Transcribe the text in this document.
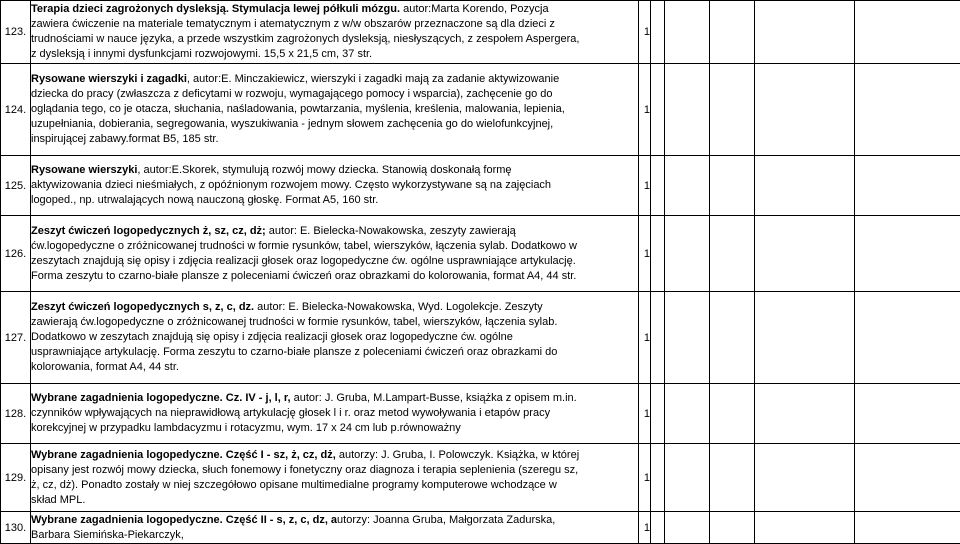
123.	Terapia dzieci zagrożonych dysleksją. Stymulacja lewej półkuli mózgu. autor:Marta Korendo, Pozycja
zawiera ćwiczenie na materiale tematycznym i atematycznym z w/w obszarów przeznaczone są dla dzieci z
trudnościami w nauce języka, a przede wszystkim zagrożonych dysleksją, niesłyszących, z zespołem Aspergera,
z dysleksją i innymi dysfunkcjami rozwojowymi. 15,5 x 21,5 cm, 37 str.	1					
124.	Rysowane wierszyki i zagadki, autor:E. Minczakiewicz, wierszyki i zagadki mają za zadanie aktywizowanie
dziecka do pracy (zwłaszcza z deficytami w rozwoju, wymagającego pomocy i wsparcia), zachęcenie go do
oglądania tego, co je otacza, słuchania, naśladowania, powtarzania, myślenia, kreślenia, malowania, lepienia,
uzupełniania, dobierania, segregowania, wyszukiwania - jednym słowem zachęcenia go do wielofunkcyjnej,
inspirującej zabawy.format B5, 185 str.	1					
125.	Rysowane wierszyki, autor:E.Skorek, stymulują rozwój mowy dziecka. Stanowią doskonałą formę
aktywizowania dzieci nieśmiałych, z opóźnionym rozwojem mowy. Często wykorzystywane są na zajęciach
logoped., np. utrwalających nową nauczoną głoskę. Format A5, 160 str.	1					
126.	Zeszyt ćwiczeń logopedycznych ż, sz, cz, dż; autor: E. Bielecka-Nowakowska, zeszyty zawierają
ćw.logopedyczne o zróżnicowanej trudności w formie rysunków, tabel, wierszyków, łączenia sylab. Dodatkowo w
zeszytach znajdują się opisy i zdjęcia realizacji głosek oraz logopedyczne ćw. ogólne usprawniające artykulację.
Forma zeszytu to czarno-białe plansze z poleceniami ćwiczeń oraz obrazkami do kolorowania, format A4, 44 str.	1					
127.	Zeszyt ćwiczeń logopedycznych s, z, c, dz. autor: E. Bielecka-Nowakowska, Wyd. Logolekcje. Zeszyty
zawierają ćw.logopedyczne o zróżnicowanej trudności w formie rysunków, tabel, wierszyków, łączenia sylab.
Dodatkowo w zeszytach znajdują się opisy i zdjęcia realizacji głosek oraz logopedyczne ćw. ogólne
usprawniające artykulację. Forma zeszytu to czarno-białe plansze z poleceniami ćwiczeń oraz obrazkami do
kolorowania, format A4, 44 str.	1					
128.	Wybrane zagadnienia logopedyczne. Cz. IV - j, l, r, autor: J. Gruba, M.Lampart-Busse, książka z opisem m.in.
czynników wpływających na nieprawidłową artykulację głosek l i r. oraz metod wywoływania i etapów pracy
korekcyjnej w przypadku lambdacyzmu i rotacyzmu, wym. 17 x 24 cm lub p.równoważny	1					
129.	Wybrane zagadnienia logopedyczne. Część I - sz, ż, cz, dż, autorzy: J. Gruba, I. Polowczyk. Książka, w której
opisany jest rozwój mowy dziecka, słuch fonemowy i fonetyczny oraz diagnoza i terapia seplenienia (szeregu sz,
ż, cz, dż). Ponadto zostały w niej szczegółowo opisane multimedialne programy komputerowe wchodzące w
skład MPL.	1					
130.	Wybrane zagadnienia logopedyczne. Część II - s, z, c, dz, autorzy: Joanna Gruba, Małgorzata Zadurska,
Barbara Siemińska-Piekarczyk,	1					
